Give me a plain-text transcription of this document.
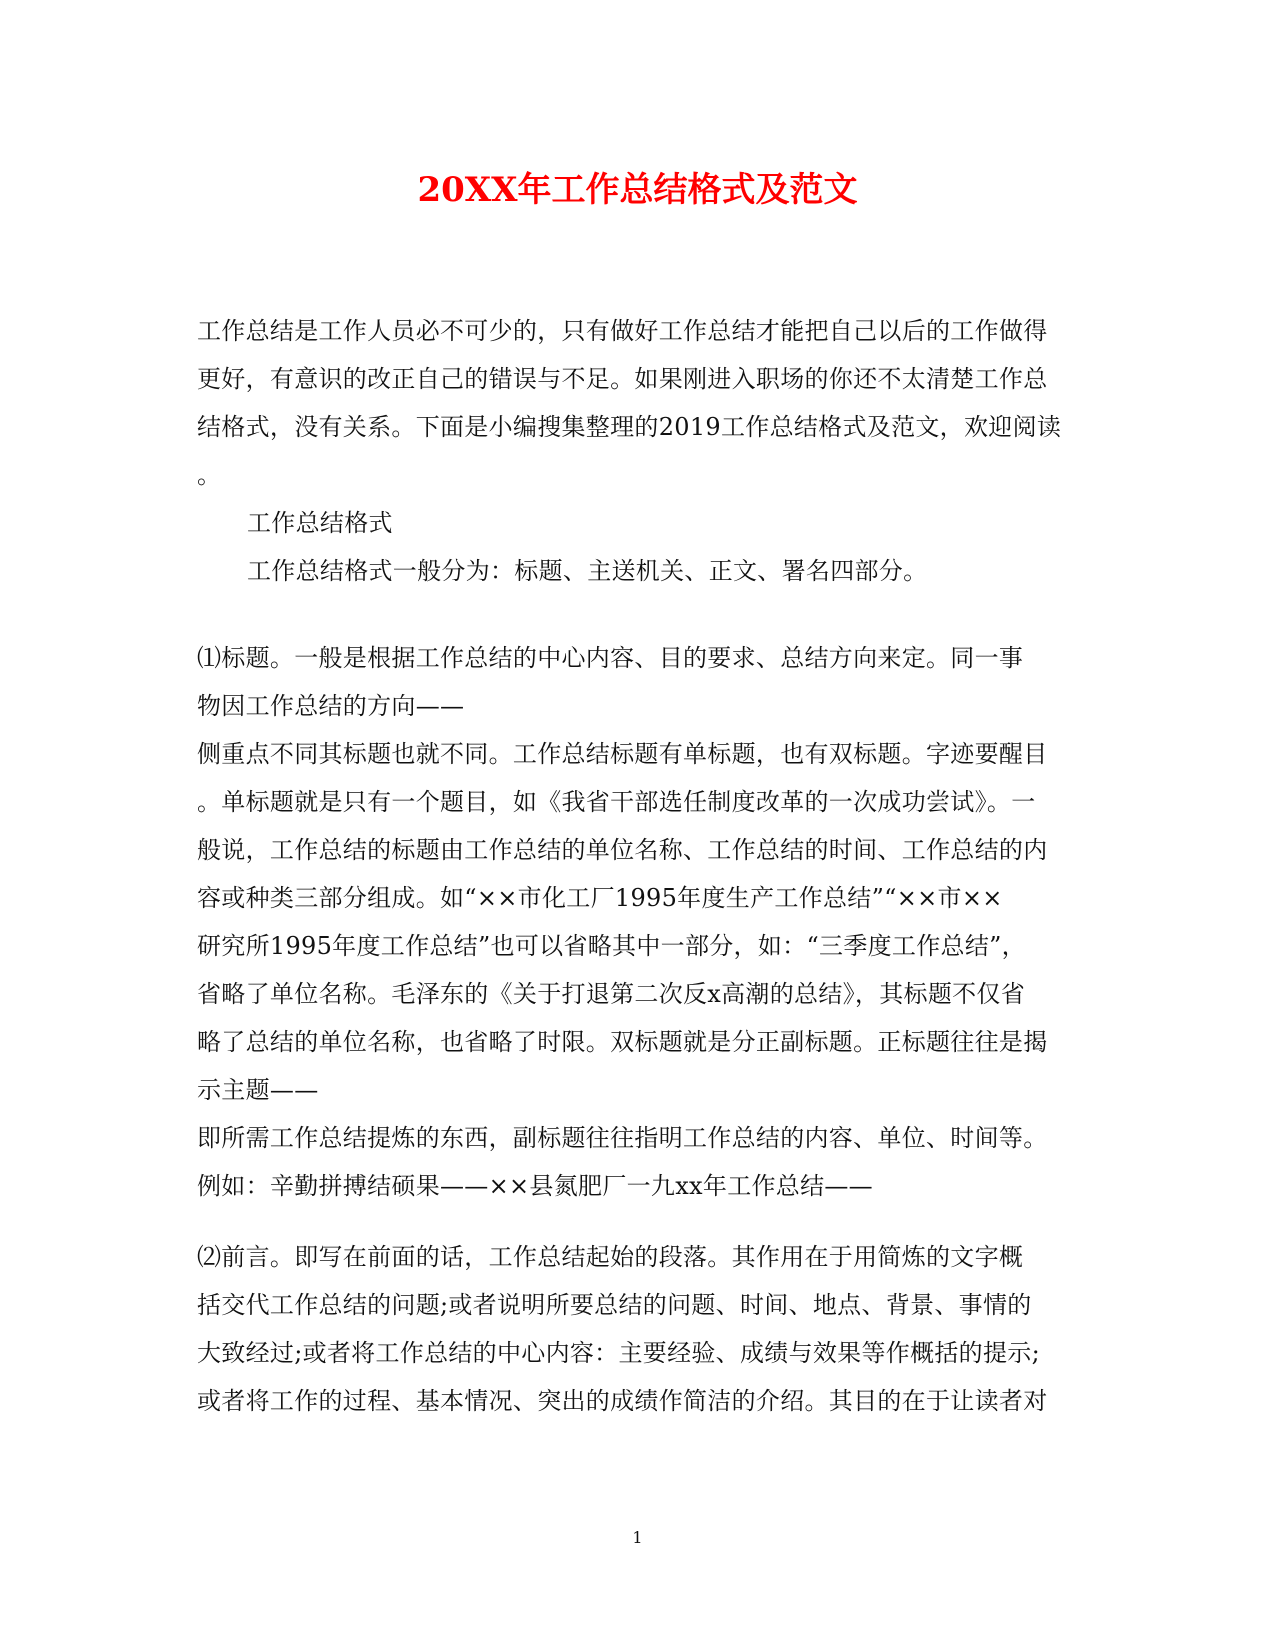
20XX年工作总结格式及范文
工作总结是工作人员必不可少的，只有做好工作总结才能把自己以后的工作做得
更好，有意识的改正自己的错误与不足。如果刚进入职场的你还不太清楚工作总
结格式，没有关系。下面是小编搜集整理的2019工作总结格式及范文，欢迎阅读
。
工作总结格式
工作总结格式一般分为：标题、主送机关、正文、署名四部分。
⑴标题。一般是根据工作总结的中心内容、目的要求、总结方向来定。同一事
物因工作总结的方向——
侧重点不同其标题也就不同。工作总结标题有单标题，也有双标题。字迹要醒目
。单标题就是只有一个题目，如《我省干部选任制度改革的一次成功尝试》。一
般说，工作总结的标题由工作总结的单位名称、工作总结的时间、工作总结的内
容或种类三部分组成。如“××市化工厂1995年度生产工作总结”“××市××
研究所1995年度工作总结”也可以省略其中一部分，如：“三季度工作总结”，
省略了单位名称。毛泽东的《关于打退第二次反x高潮的总结》，其标题不仅省
略了总结的单位名称，也省略了时限。双标题就是分正副标题。正标题往往是揭
示主题——
即所需工作总结提炼的东西，副标题往往指明工作总结的内容、单位、时间等。
例如：辛勤拼搏结硕果——××县氮肥厂一九xx年工作总结——
⑵前言。即写在前面的话，工作总结起始的段落。其作用在于用简炼的文字概
括交代工作总结的问题;或者说明所要总结的问题、时间、地点、背景、事情的
大致经过;或者将工作总结的中心内容：主要经验、成绩与效果等作概括的提示;
或者将工作的过程、基本情况、突出的成绩作简洁的介绍。其目的在于让读者对
1
